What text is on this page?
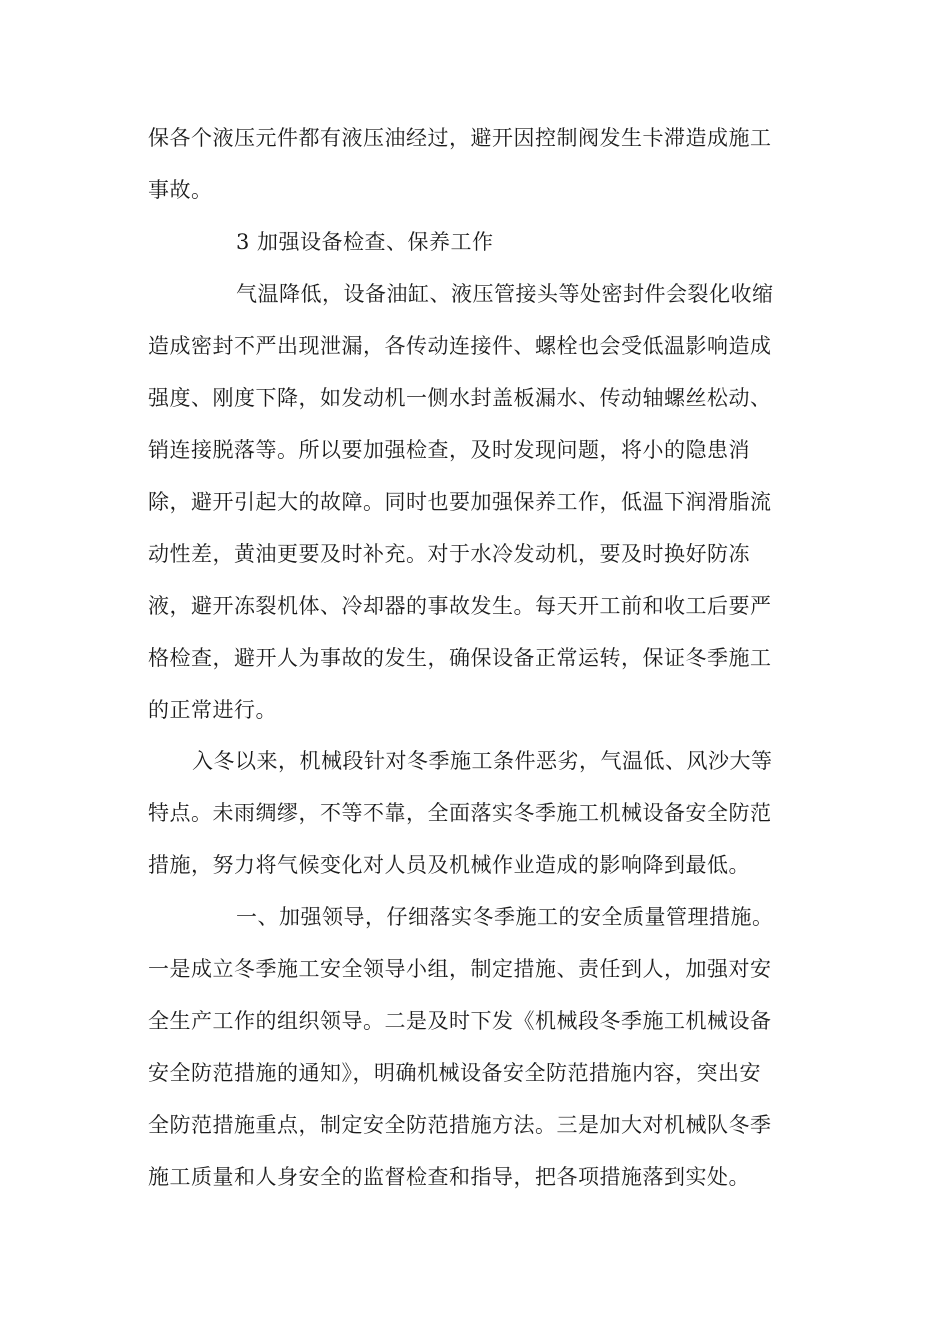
保各个液压元件都有液压油经过，避开因控制阀发生卡滞造成施工
事故。
3 加强设备检查、保养工作
气温降低，设备油缸、液压管接头等处密封件会裂化收缩
造成密封不严出现泄漏，各传动连接件、螺栓也会受低温影响造成
强度、刚度下降，如发动机一侧水封盖板漏水、传动轴螺丝松动、
销连接脱落等。所以要加强检查，及时发现问题，将小的隐患消
除，避开引起大的故障。同时也要加强保养工作，低温下润滑脂流
动性差，黄油更要及时补充。对于水冷发动机，要及时换好防冻
液，避开冻裂机体、冷却器的事故发生。每天开工前和收工后要严
格检查，避开人为事故的发生，确保设备正常运转，保证冬季施工
的正常进行。
入冬以来，机械段针对冬季施工条件恶劣，气温低、风沙大等
特点。未雨绸缪，不等不靠，全面落实冬季施工机械设备安全防范
措施，努力将气候变化对人员及机械作业造成的影响降到最低。
一、加强领导，仔细落实冬季施工的安全质量管理措施。
一是成立冬季施工安全领导小组，制定措施、责任到人，加强对安
全生产工作的组织领导。二是及时下发《机械段冬季施工机械设备
安全防范措施的通知》，明确机械设备安全防范措施内容，突出安
全防范措施重点，制定安全防范措施方法。三是加大对机械队冬季
施工质量和人身安全的监督检查和指导，把各项措施落到实处。
